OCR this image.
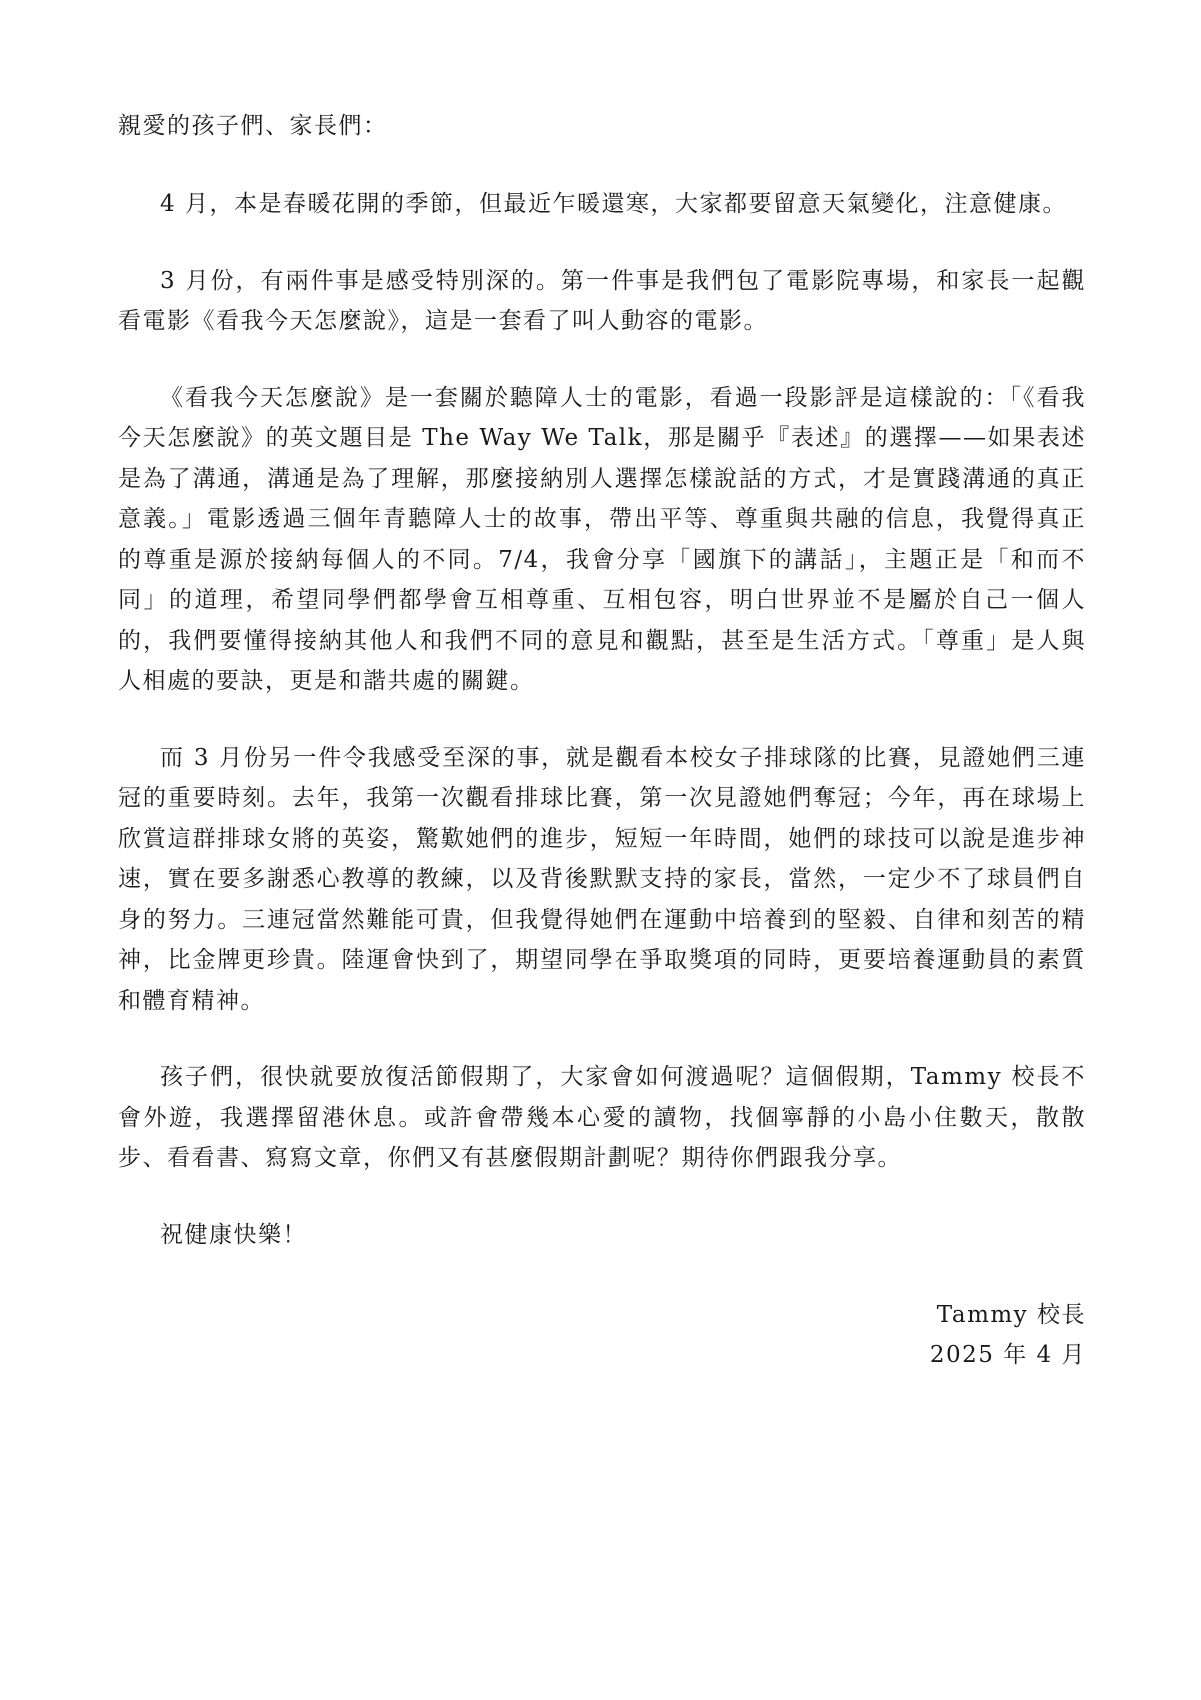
親愛的孩子們、家長們：

4 月，本是春暖花開的季節，但最近乍暖還寒，大家都要留意天氣變化，注意健康。

3 月份，有兩件事是感受特別深的。第一件事是我們包了電影院專場，和家長一起觀看電影《看我今天怎麼說》，這是一套看了叫人動容的電影。

《看我今天怎麼說》是一套關於聽障人士的電影，看過一段影評是這樣說的：「《看我今天怎麼說》的英文題目是 The Way We Talk，那是關乎『表述』的選擇——如果表述是為了溝通，溝通是為了理解，那麼接納別人選擇怎樣說話的方式，才是實踐溝通的真正意義。」電影透過三個年青聽障人士的故事，帶出平等、尊重與共融的信息，我覺得真正的尊重是源於接納每個人的不同。7/4，我會分享「國旗下的講話」，主題正是「和而不同」的道理，希望同學們都學會互相尊重、互相包容，明白世界並不是屬於自己一個人的，我們要懂得接納其他人和我們不同的意見和觀點，甚至是生活方式。「尊重」是人與人相處的要訣，更是和諧共處的關鍵。

而 3 月份另一件令我感受至深的事，就是觀看本校女子排球隊的比賽，見證她們三連冠的重要時刻。去年，我第一次觀看排球比賽，第一次見證她們奪冠；今年，再在球場上欣賞這群排球女將的英姿，驚歎她們的進步，短短一年時間，她們的球技可以說是進步神速，實在要多謝悉心教導的教練，以及背後默默支持的家長，當然，一定少不了球員們自身的努力。三連冠當然難能可貴，但我覺得她們在運動中培養到的堅毅、自律和刻苦的精神，比金牌更珍貴。陸運會快到了，期望同學在爭取獎項的同時，更要培養運動員的素質和體育精神。

孩子們，很快就要放復活節假期了，大家會如何渡過呢？這個假期，Tammy 校長不會外遊，我選擇留港休息。或許會帶幾本心愛的讀物，找個寧靜的小島小住數天，散散步、看看書、寫寫文章，你們又有甚麼假期計劃呢？期待你們跟我分享。

祝健康快樂！

Tammy 校長
2025 年 4 月
